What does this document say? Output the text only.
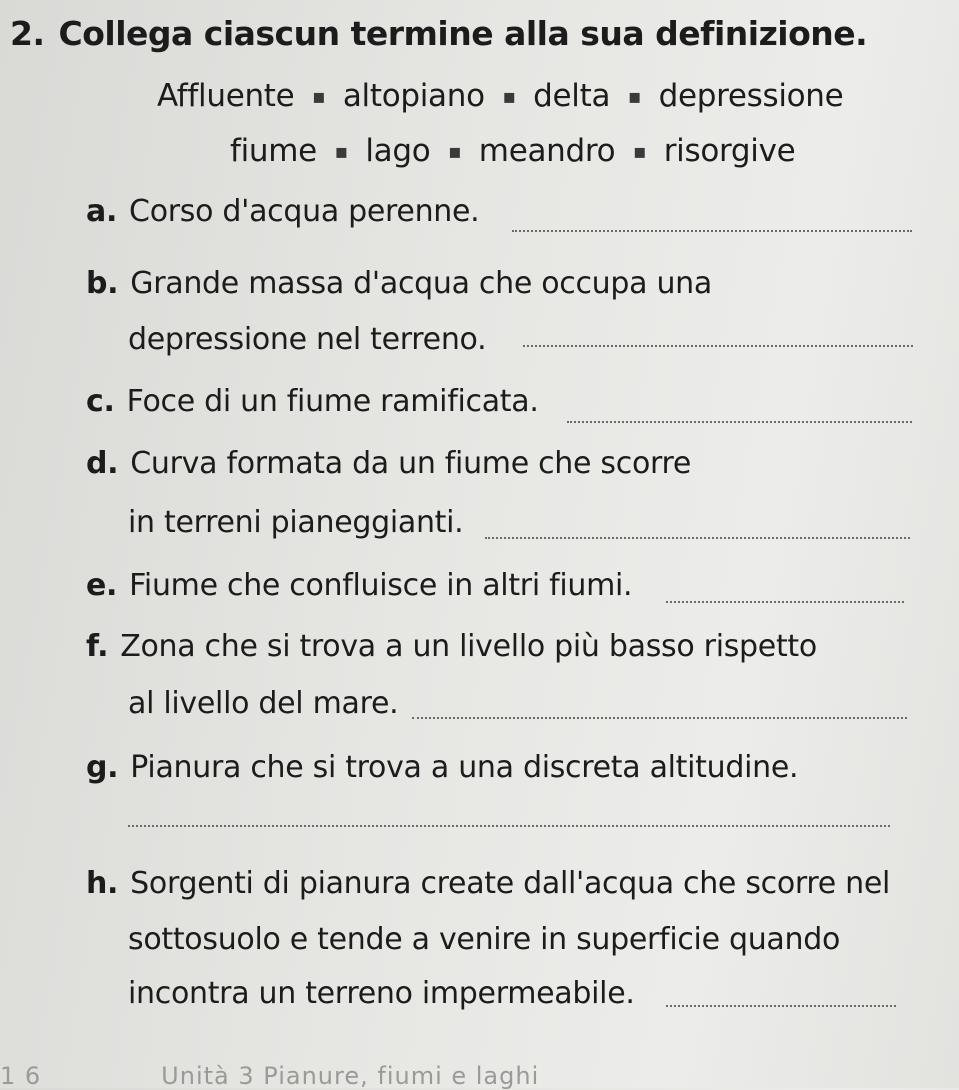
2. Collega ciascun termine alla sua definizione.
Affluente ▪ altopiano ▪ delta ▪ depressione
fiume ▪ lago ▪ meandro ▪ risorgive
a. Corso d'acqua perenne.
b. Grande massa d'acqua che occupa una
depressione nel terreno.
c. Foce di un fiume ramificata.
d. Curva formata da un fiume che scorre
in terreni pianeggianti.
e. Fiume che confluisce in altri fiumi.
f. Zona che si trova a un livello più basso rispetto
al livello del mare.
g. Pianura che si trova a una discreta altitudine.
h. Sorgenti di pianura create dall'acqua che scorre nel
sottosuolo e tende a venire in superficie quando
incontra un terreno impermeabile.
1 6	Unità 3 Pianure, fiumi e laghi
